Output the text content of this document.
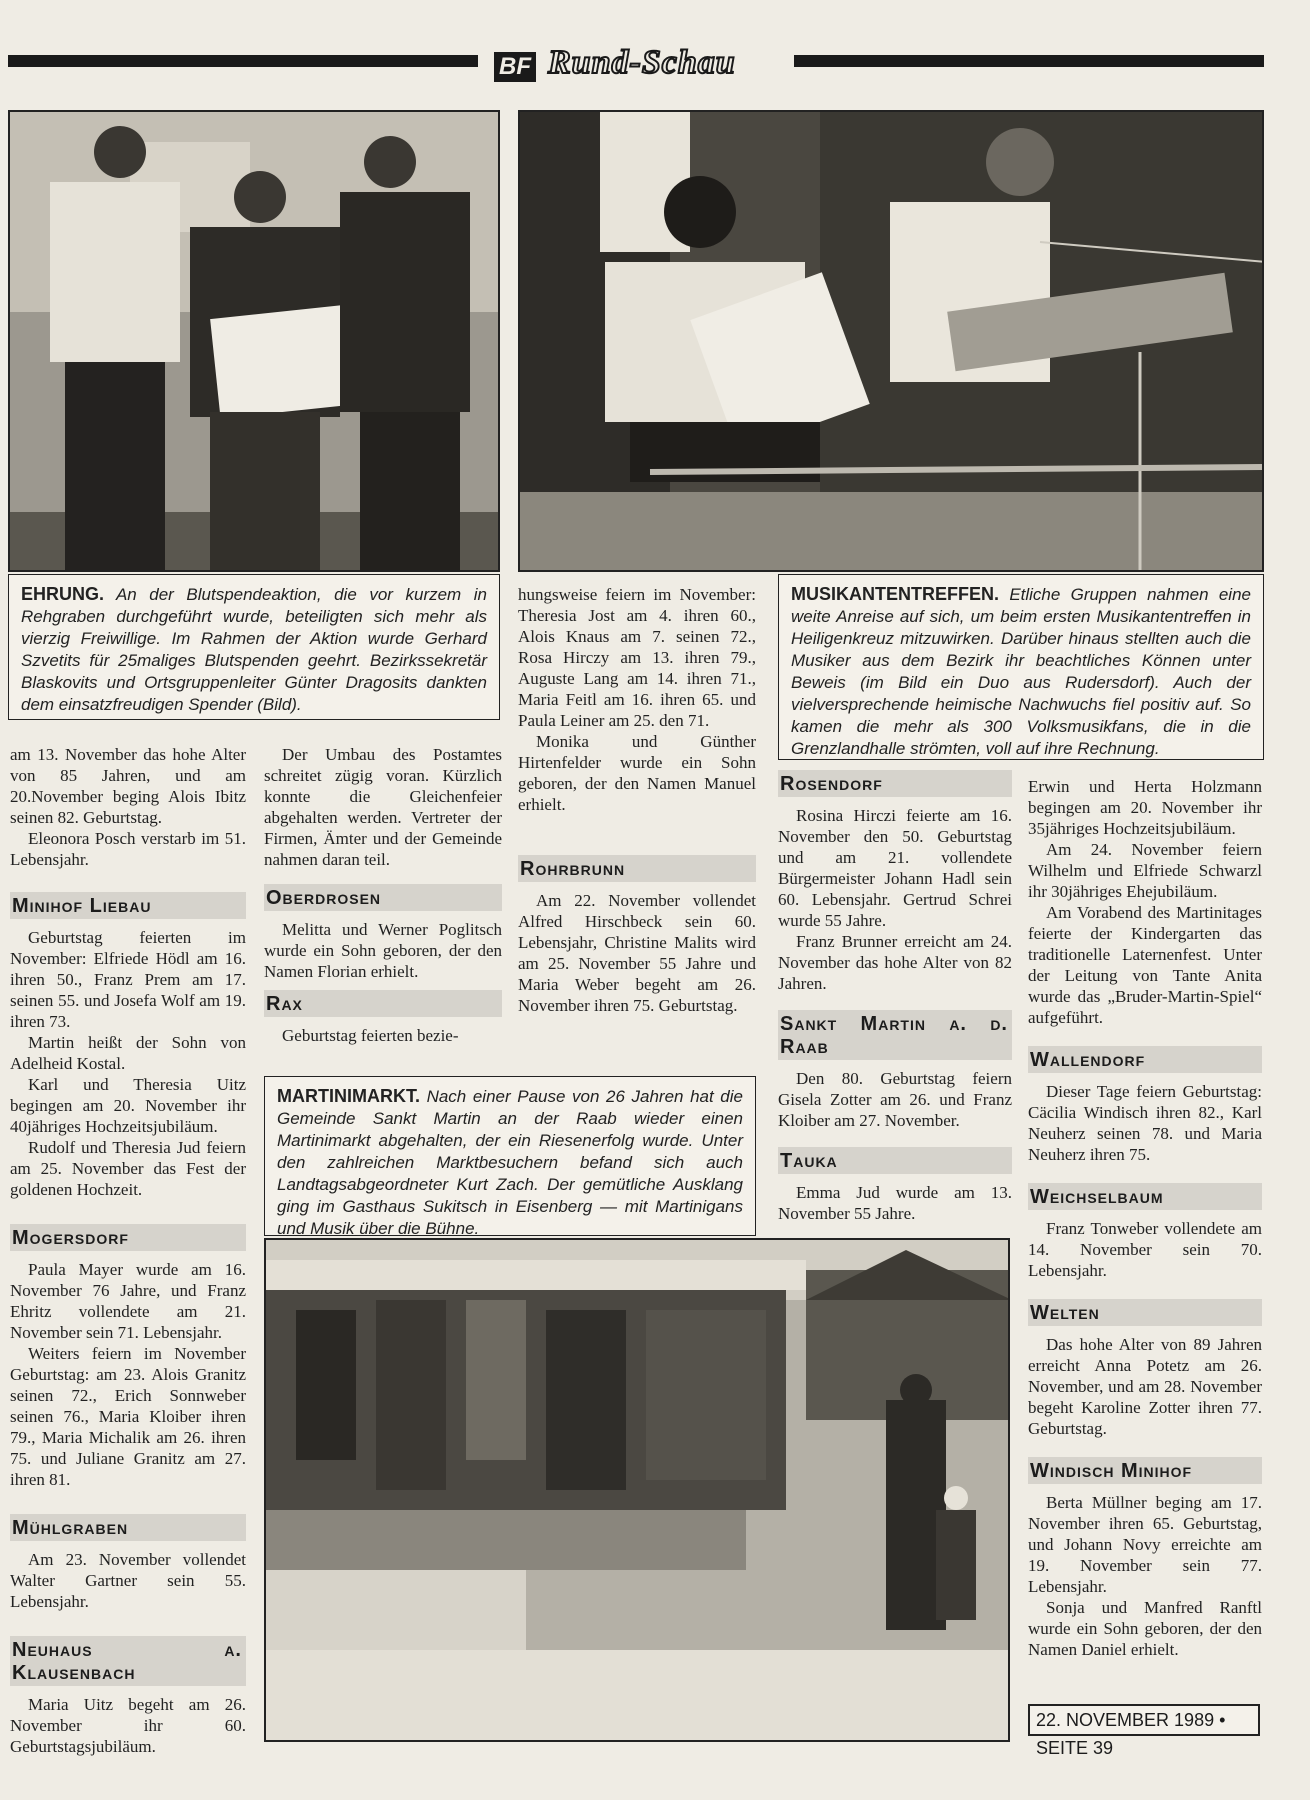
BF Rund-Schau
EHRUNG. An der Blutspendeaktion, die vor kurzem in Rehgraben durchgeführt wurde, beteiligten sich mehr als vierzig Freiwillige. Im Rahmen der Aktion wurde Gerhard Szvetits für 25maliges Blutspenden geehrt. Bezirkssekretär Blaskovits und Ortsgruppenleiter Günter Dragosits dankten dem einsatzfreudigen Spender (Bild).
MUSIKANTENTREFFEN. Etliche Gruppen nahmen eine weite Anreise auf sich, um beim ersten Musikantentreffen in Heiligenkreuz mitzuwirken. Darüber hinaus stellten auch die Musiker aus dem Bezirk ihr beachtliches Können unter Beweis (im Bild ein Duo aus Rudersdorf). Auch der vielversprechende heimische Nachwuchs fiel positiv auf. So kamen die mehr als 300 Volksmusikfans, die in die Grenzlandhalle strömten, voll auf ihre Rechnung.

am 13. November das hohe Alter von 85 Jahren, und am 20.November beging Alois Ibitz seinen 82. Geburtstag.

Eleonora Posch verstarb im 51. Lebensjahr.

Minihof Liebau

Geburtstag feierten im November: Elfriede Hödl am 16. ihren 50., Franz Prem am 17. seinen 55. und Josefa Wolf am 19. ihren 73.

Martin heißt der Sohn von Adelheid Kostal.

Karl und Theresia Uitz begingen am 20. November ihr 40jähriges Hochzeitsjubiläum.

Rudolf und Theresia Jud feiern am 25. November das Fest der goldenen Hochzeit.

Mogersdorf

Paula Mayer wurde am 16. November 76 Jahre, und Franz Ehritz vollendete am 21. November sein 71. Lebensjahr.

Weiters feiern im November Geburtstag: am 23. Alois Granitz seinen 72., Erich Sonnweber seinen 76., Maria Kloiber ihren 79., Maria Michalik am 26. ihren 75. und Juliane Granitz am 27. ihren 81.

Mühlgraben

Am 23. November vollendet Walter Gartner sein 55. Lebensjahr.

Neuhaus a. Klausenbach

Maria Uitz begeht am 26. November ihr 60. Geburtstagsjubiläum.

Der Umbau des Postamtes schreitet zügig voran. Kürzlich konnte die Gleichenfeier abgehalten werden. Vertreter der Firmen, Ämter und der Gemeinde nahmen daran teil.

Oberdrosen

Melitta und Werner Poglitsch wurde ein Sohn geboren, der den Namen Florian erhielt.

Rax

Geburtstag feierten bezie-

hungsweise feiern im November: Theresia Jost am 4. ihren 60., Alois Knaus am 7. seinen 72., Rosa Hirczy am 13. ihren 79., Auguste Lang am 14. ihren 71., Maria Feitl am 16. ihren 65. und Paula Leiner am 25. den 71.

Monika und Günther Hirtenfelder wurde ein Sohn geboren, der den Namen Manuel erhielt.

Rohrbrunn

Am 22. November vollendet Alfred Hirschbeck sein 60. Lebensjahr, Christine Malits wird am 25. November 55 Jahre und Maria Weber begeht am 26. November ihren 75. Geburtstag.

MARTINIMARKT. Nach einer Pause von 26 Jahren hat die Gemeinde Sankt Martin an der Raab wieder einen Martinimarkt abgehalten, der ein Riesenerfolg wurde. Unter den zahlreichen Marktbesuchern befand sich auch Landtagsabgeordneter Kurt Zach. Der gemütliche Ausklang ging im Gasthaus Sukitsch in Eisenberg — mit Martinigans und Musik über die Bühne.
Rosendorf

Rosina Hirczi feierte am 16. November den 50. Geburtstag und am 21. vollendete Bürgermeister Johann Hadl sein 60. Lebensjahr. Gertrud Schrei wurde 55 Jahre.

Franz Brunner erreicht am 24. November das hohe Alter von 82 Jahren.

Sankt Martin a. d. Raab

Den 80. Geburtstag feiern Gisela Zotter am 26. und Franz Kloiber am 27. November.

Tauka

Emma Jud wurde am 13. November 55 Jahre.

Erwin und Herta Holzmann begingen am 20. November ihr 35jähriges Hochzeitsjubiläum.

Am 24. November feiern Wilhelm und Elfriede Schwarzl ihr 30jähriges Ehejubiläum.

Am Vorabend des Martinitages feierte der Kindergarten das traditionelle Laternenfest. Unter der Leitung von Tante Anita wurde das „Bruder-Martin-Spiel“ aufgeführt.

Wallendorf

Dieser Tage feiern Geburtstag: Cäcilia Windisch ihren 82., Karl Neuherz seinen 78. und Maria Neuherz ihren 75.

Weichselbaum

Franz Tonweber vollendete am 14. November sein 70. Lebensjahr.

Welten

Das hohe Alter von 89 Jahren erreicht Anna Potetz am 26. November, und am 28. November begeht Karoline Zotter ihren 77. Geburtstag.

Windisch Minihof

Berta Müllner beging am 17. November ihren 65. Geburtstag, und Johann Novy erreichte am 19. November sein 77. Lebensjahr.

Sonja und Manfred Ranftl wurde ein Sohn geboren, der den Namen Daniel erhielt.

22. NOVEMBER 1989 • SEITE 39
